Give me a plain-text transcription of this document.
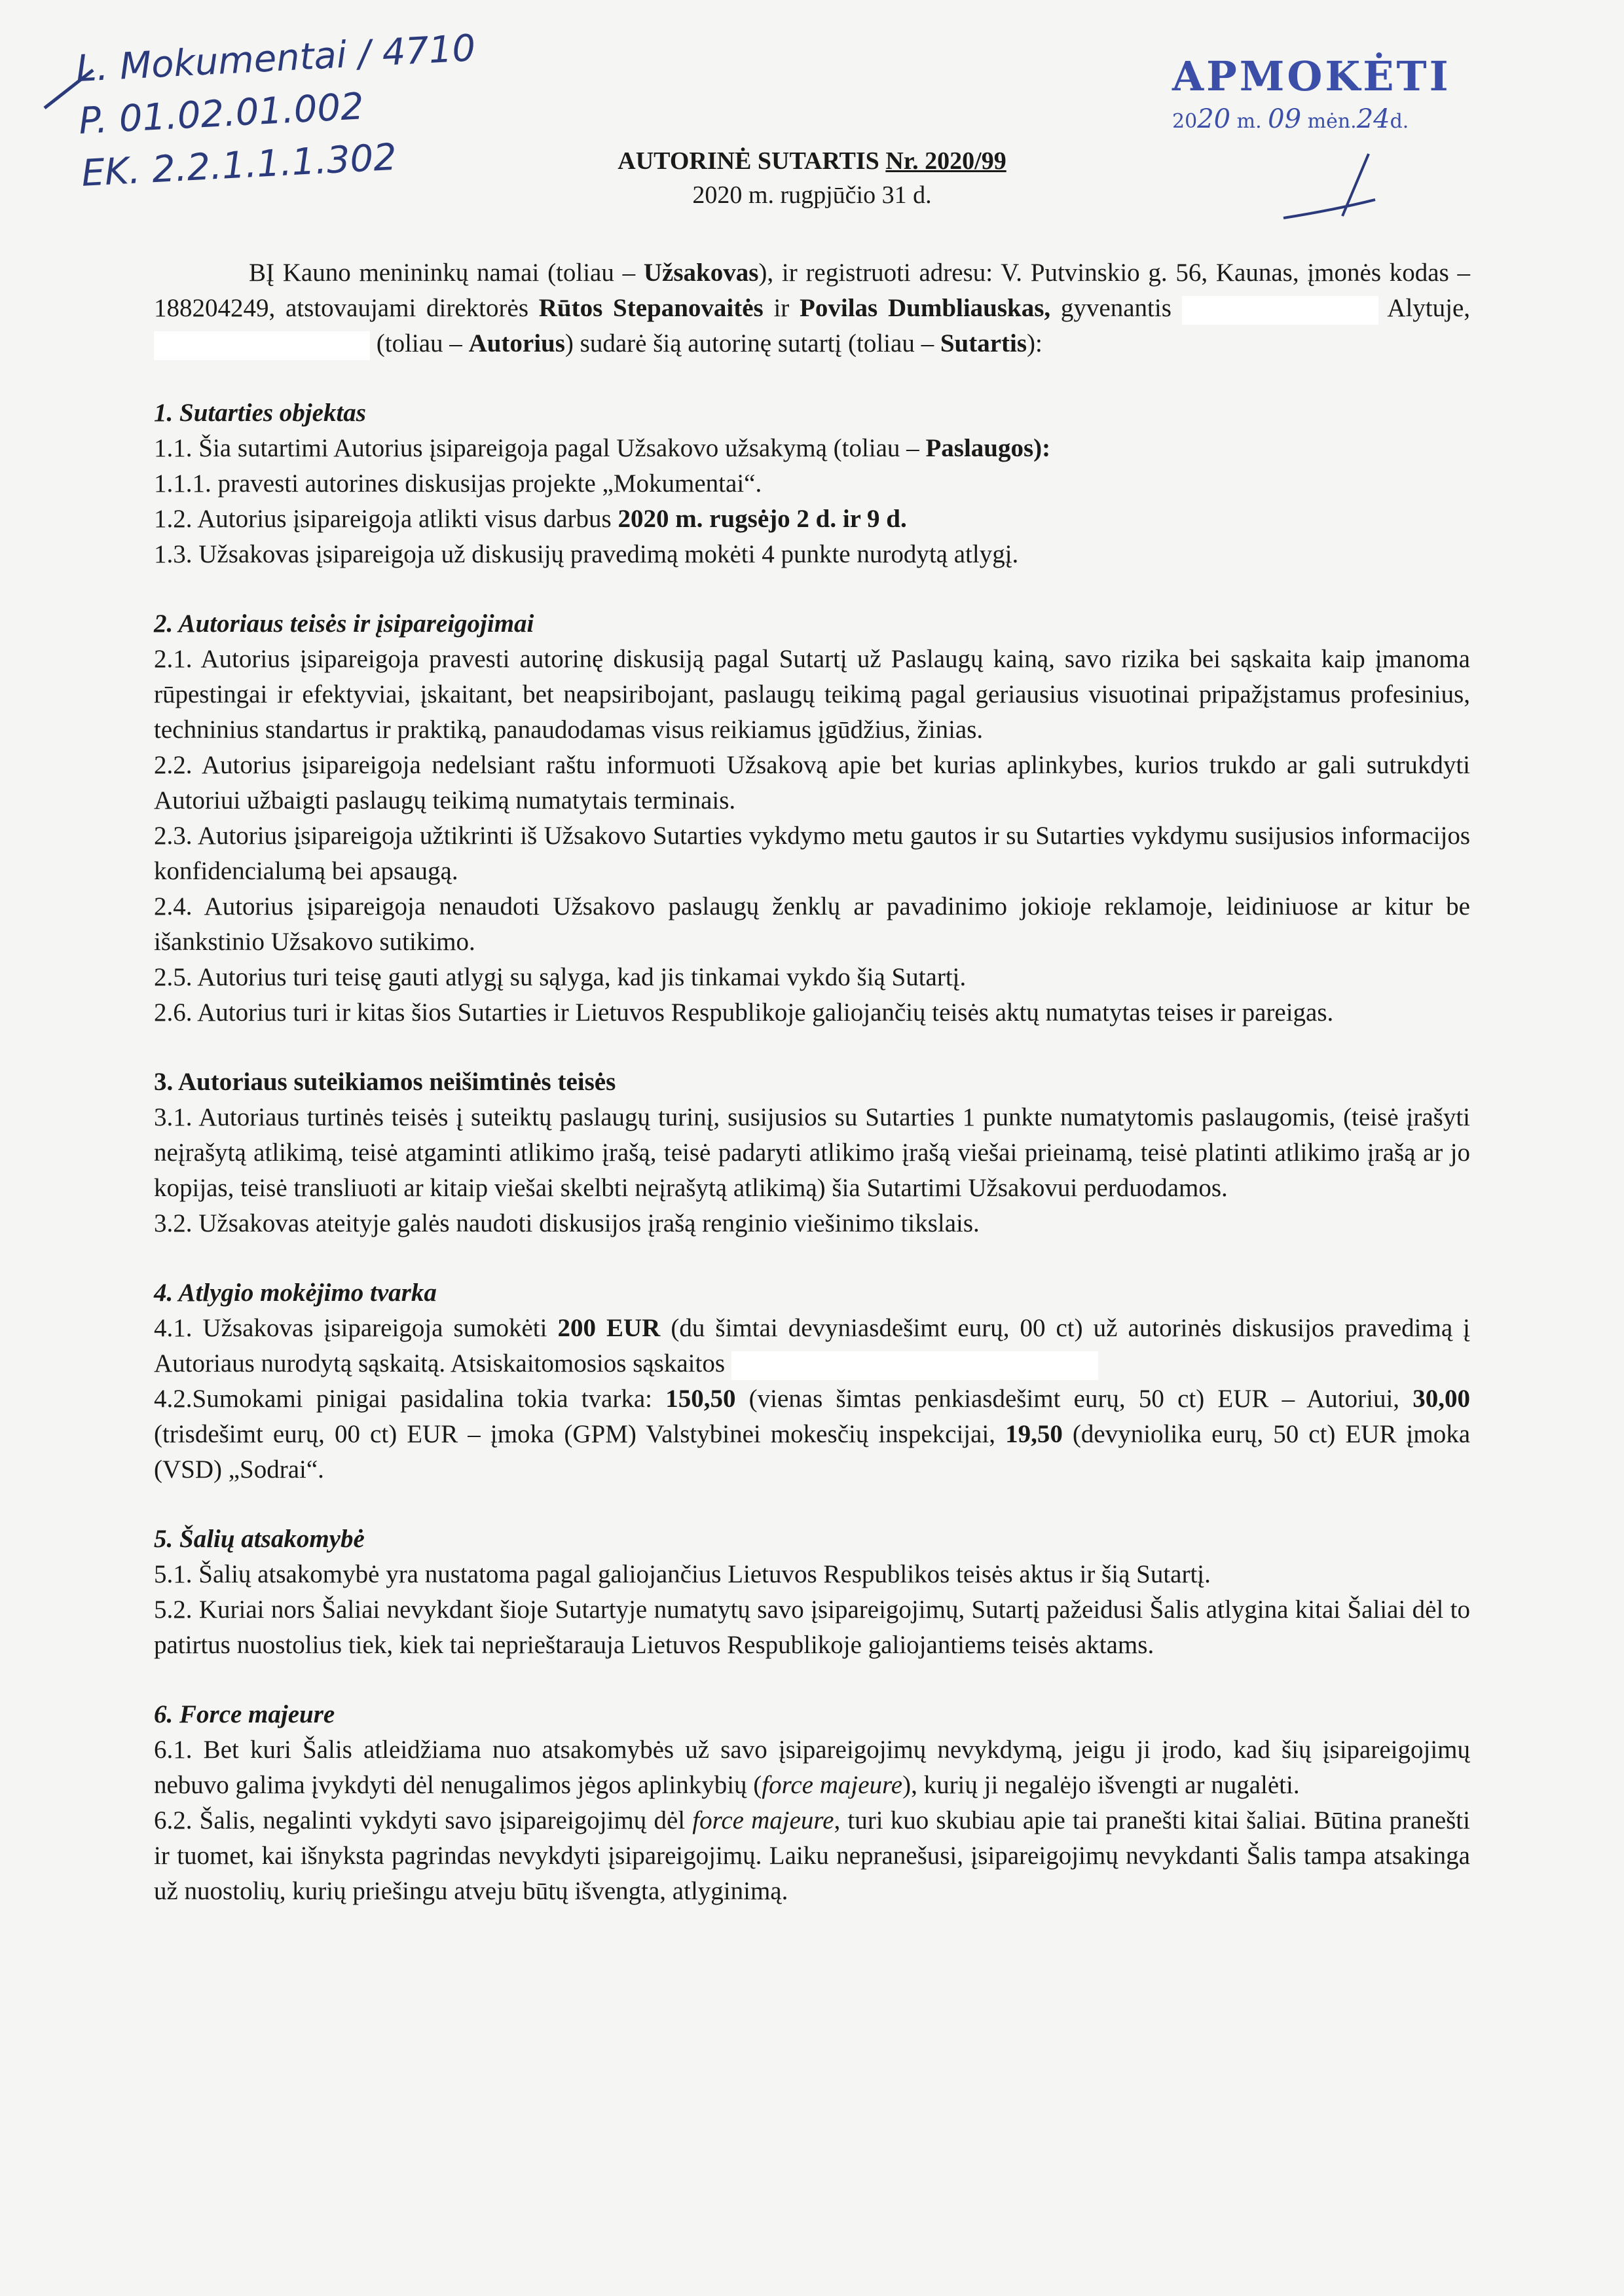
L. Mokumentai / 4710
P. 01.02.01.002
EK. 2.2.1.1.1.302
APMOKĖTI
2020 m. 09 mėn.24d.
AUTORINĖ SUTARTIS Nr. 2020/99
2020 m. rugpjūčio 31 d.

BĮ Kauno menininkų namai (toliau – Užsakovas), ir registruoti adresu: V. Putvinskio g. 56, Kaunas, įmonės kodas – 188204249, atstovaujami direktorės Rūtos Stepanovaitės ir Povilas Dumbliauskas, gyvenantis	Alytuje,  (toliau – Autorius) sudarė šią autorinę sutartį (toliau – Sutartis):

1. Sutarties objektas

1.1. Šia sutartimi Autorius įsipareigoja pagal Užsakovo užsakymą (toliau – Paslaugos):

1.1.1. pravesti autorines diskusijas projekte „Mokumentai“.

1.2. Autorius įsipareigoja atlikti visus darbus 2020 m. rugsėjo 2 d. ir 9 d.

1.3. Užsakovas įsipareigoja už diskusijų pravedimą mokėti 4 punkte nurodytą atlygį.

2. Autoriaus teisės ir įsipareigojimai

2.1. Autorius įsipareigoja pravesti autorinę diskusiją pagal Sutartį už Paslaugų kainą, savo rizika bei sąskaita kaip įmanoma rūpestingai ir efektyviai, įskaitant, bet neapsiribojant, paslaugų teikimą pagal geriausius visuotinai pripažįstamus profesinius, techninius standartus ir praktiką, panaudodamas visus reikiamus įgūdžius, žinias.

2.2. Autorius įsipareigoja nedelsiant raštu informuoti Užsakovą apie bet kurias aplinkybes, kurios trukdo ar gali sutrukdyti Autoriui užbaigti paslaugų teikimą numatytais terminais.

2.3. Autorius įsipareigoja užtikrinti iš Užsakovo Sutarties vykdymo metu gautos ir su Sutarties vykdymu susijusios informacijos konfidencialumą bei apsaugą.

2.4. Autorius įsipareigoja nenaudoti Užsakovo paslaugų ženklų ar pavadinimo jokioje reklamoje, leidiniuose ar kitur be išankstinio Užsakovo sutikimo.

2.5. Autorius turi teisę gauti atlygį su sąlyga, kad jis tinkamai vykdo šią Sutartį.

2.6. Autorius turi ir kitas šios Sutarties ir Lietuvos Respublikoje galiojančių teisės aktų numatytas teises ir pareigas.

3. Autoriaus suteikiamos neišimtinės teisės

3.1. Autoriaus turtinės teisės į suteiktų paslaugų turinį, susijusios su Sutarties 1 punkte numatytomis paslaugomis, (teisė įrašyti neįrašytą atlikimą, teisė atgaminti atlikimo įrašą, teisė padaryti atlikimo įrašą viešai prieinamą, teisė platinti atlikimo įrašą ar jo kopijas, teisė transliuoti ar kitaip viešai skelbti neįrašytą atlikimą) šia Sutartimi Užsakovui perduodamos.

3.2. Užsakovas ateityje galės naudoti diskusijos įrašą renginio viešinimo tikslais.

4. Atlygio mokėjimo tvarka

4.1. Užsakovas įsipareigoja sumokėti 200 EUR (du šimtai devyniasdešimt eurų, 00 ct) už autorinės diskusijos pravedimą į Autoriaus nurodytą sąskaitą. Atsiskaitomosios sąskaitos

4.2.Sumokami pinigai pasidalina tokia tvarka: 150,50 (vienas šimtas penkiasdešimt eurų, 50 ct) EUR – Autoriui, 30,00 (trisdešimt eurų, 00 ct) EUR – įmoka (GPM) Valstybinei mokesčių inspekcijai, 19,50 (devyniolika eurų, 50 ct) EUR įmoka (VSD) „Sodrai“.

5. Šalių atsakomybė

5.1. Šalių atsakomybė yra nustatoma pagal galiojančius Lietuvos Respublikos teisės aktus ir šią Sutartį.

5.2. Kuriai nors Šaliai nevykdant šioje Sutartyje numatytų savo įsipareigojimų, Sutartį pažeidusi Šalis atlygina kitai Šaliai dėl to patirtus nuostolius tiek, kiek tai neprieštarauja Lietuvos Respublikoje galiojantiems teisės aktams.

6. Force majeure

6.1. Bet kuri Šalis atleidžiama nuo atsakomybės už savo įsipareigojimų nevykdymą, jeigu ji įrodo, kad šių įsipareigojimų nebuvo galima įvykdyti dėl nenugalimos jėgos aplinkybių (force majeure), kurių ji negalėjo išvengti ar nugalėti.

6.2. Šalis, negalinti vykdyti savo įsipareigojimų dėl force majeure, turi kuo skubiau apie tai pranešti kitai šaliai. Būtina pranešti ir tuomet, kai išnyksta pagrindas nevykdyti įsipareigojimų. Laiku nepranešusi, įsipareigojimų nevykdanti Šalis tampa atsakinga už nuostolių, kurių priešingu atveju būtų išvengta, atlyginimą.
